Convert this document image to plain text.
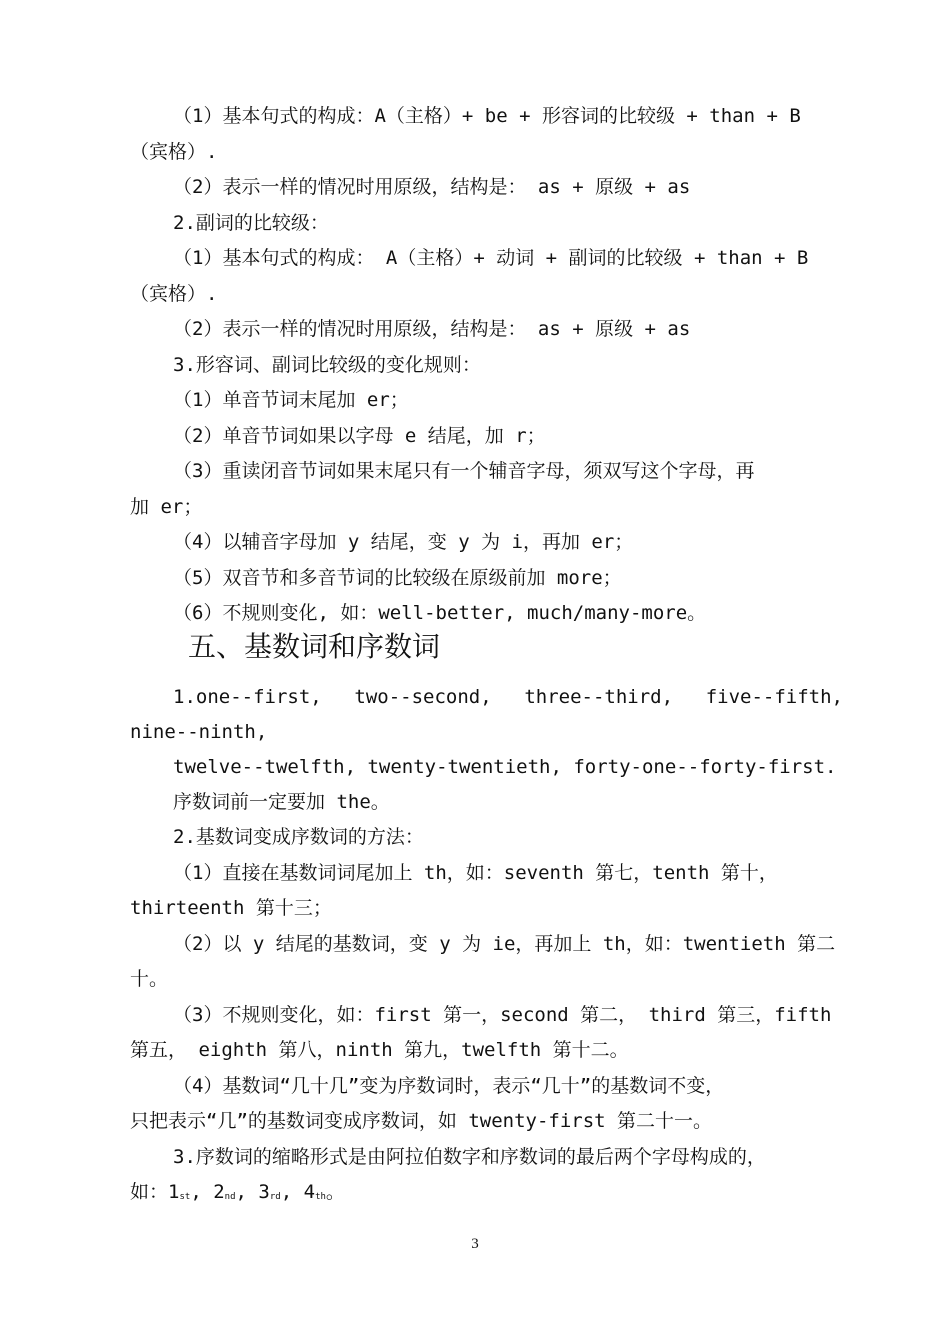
（1）基本句式的构成：A（主格）+ be + 形容词的比较级 + than + B
（宾格）.
（2）表示一样的情况时用原级，结构是： as + 原级 + as
2.副词的比较级：
（1）基本句式的构成： A（主格）+ 动词 + 副词的比较级 + than + B
（宾格）.
（2）表示一样的情况时用原级，结构是： as + 原级 + as
3.形容词、副词比较级的变化规则：
（1）单音节词末尾加 er；
（2）单音节词如果以字母 e 结尾，加 r；
（3）重读闭音节词如果末尾只有一个辅音字母，须双写这个字母，再
加 er；
（4）以辅音字母加 y 结尾，变 y 为 i，再加 er；
（5）双音节和多音节词的比较级在原级前加 more；
（6）不规则变化, 如：well-better, much/many-more。
五、基数词和序数词
1.one--first, two--second, three--third, five--fifth,
nine--ninth,
twelve--twelfth, twenty-twentieth, forty-one--forty-first.
序数词前一定要加 the。
2.基数词变成序数词的方法：
（1）直接在基数词词尾加上 th，如：seventh 第七，tenth 第十，
thirteenth 第十三；
（2）以 y 结尾的基数词，变 y 为 ie，再加上 th，如：twentieth 第二
十。
（3）不规则变化，如：first 第一，second 第二， third 第三，fifth
第五， eighth 第八，ninth 第九，twelfth 第十二。
（4）基数词“几十几”变为序数词时，表示“几十”的基数词不变，
只把表示“几”的基数词变成序数词，如 twenty-first 第二十一。
3.序数词的缩略形式是由阿拉伯数字和序数词的最后两个字母构成的，
如：$1_{st}$, $2_{nd}$, $3_{rd}$, $4_{th}$。
3
